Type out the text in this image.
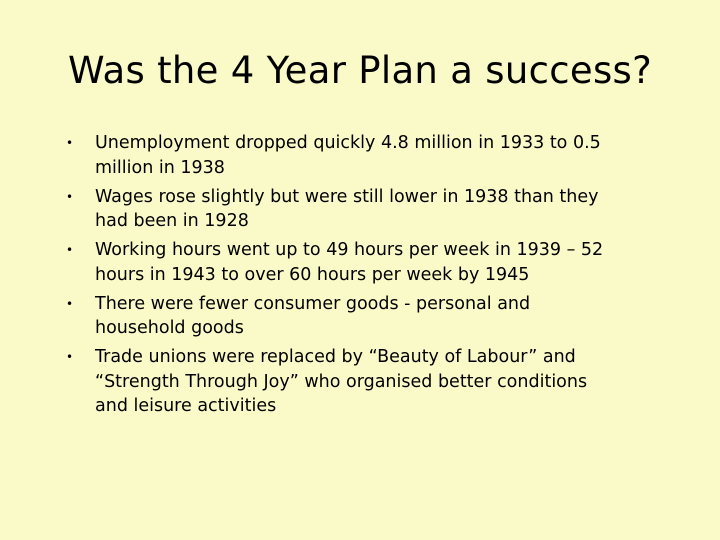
Was the 4 Year Plan a success?
• Unemployment dropped quickly 4.8 million in 1933 to 0.5 million in 1938
• Wages rose slightly but were still lower in 1938 than they had been in 1928
• Working hours went up to 49 hours per week in 1939 – 52 hours in 1943 to over 60 hours per week by 1945
• There were fewer consumer goods - personal and household goods
• Trade unions were replaced by “Beauty of Labour” and “Strength Through Joy” who organised better conditions and leisure activities
